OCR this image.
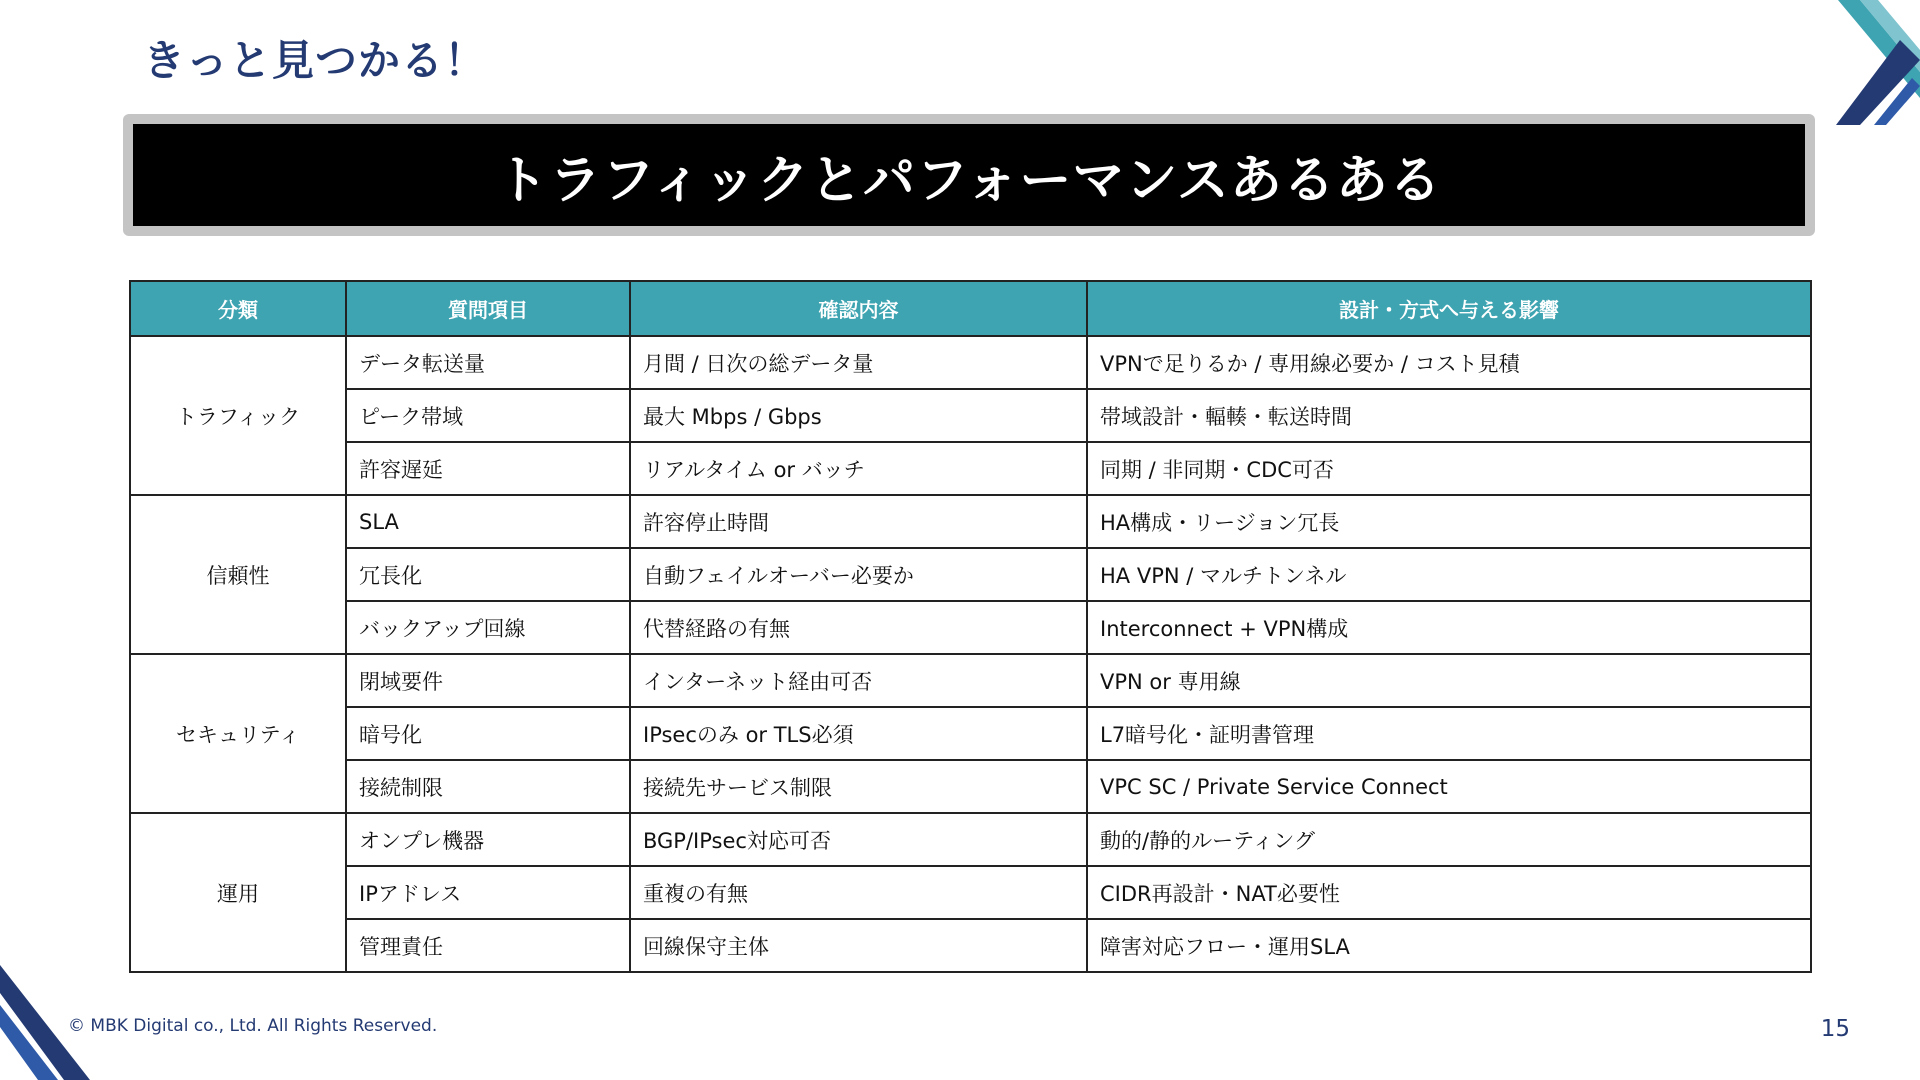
きっと見つかる！
トラフィックとパフォーマンスあるある
分類	質問項目	確認内容	設計・方式へ与える影響
トラフィック	データ転送量	月間 / 日次の総データ量	VPNで足りるか / 専用線必要か / コスト見積
	ピーク帯域	最大 Mbps / Gbps	帯域設計・輻輳・転送時間
	許容遅延	リアルタイム or バッチ	同期 / 非同期・CDC可否
信頼性	SLA	許容停止時間	HA構成・リージョン冗長
	冗長化	自動フェイルオーバー必要か	HA VPN / マルチトンネル
	バックアップ回線	代替経路の有無	Interconnect + VPN構成
セキュリティ	閉域要件	インターネット経由可否	VPN or 専用線
	暗号化	IPsecのみ or TLS必須	L7暗号化・証明書管理
	接続制限	接続先サービス制限	VPC SC / Private Service Connect
運用	オンプレ機器	BGP/IPsec対応可否	動的/静的ルーティング
	IPアドレス	重複の有無	CIDR再設計・NAT必要性
	管理責任	回線保守主体	障害対応フロー・運用SLA
© MBK Digital co., Ltd. All Rights Reserved.	15
